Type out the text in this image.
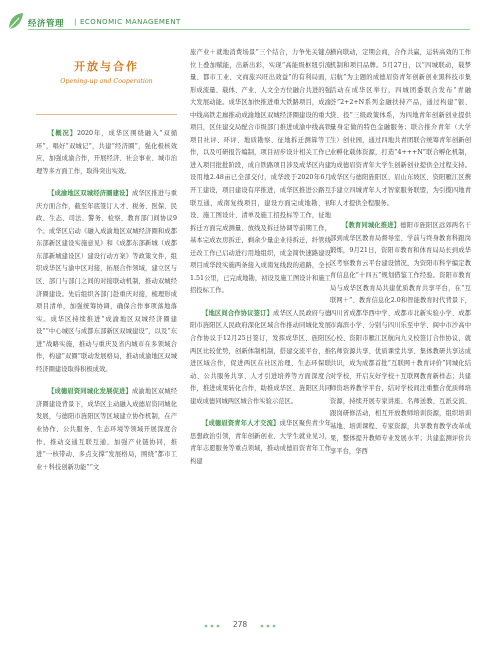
经济管理 | ECONOMIC MANAGEMENT
开放与合作
Opening-up and Cooperation

【概况】2020年，成华区围绕融入“双循环”，唱好“双城记”，共建“经济圈”，强化极核效应，加强成渝合作，开展经济、社会事业、城市治理等多方面工作，取得突出实效。

【成渝地区双城经济圈建设】成华区推进与重庆方面合作，截至年底签订人才、税务、医保、民政、生态、司法、警务、检察、教育部门间协议9个。成华区启动《融入成渝地区双城经济圈和成都东部新区建设实施意见》和《成都东部新城（成都东部新城建设区）建设行动方案》等政策文件，组织成华区与渝中区对接，拓展合作领域，建立区与区、部门与部门之间的对接联动机制，推动双城经济圈建设。先后组织各部门赴重庆对接，梳理形成项目清单，加强统筹协调，确保合作事项落地落实。成华区持续推进“成渝地区双城经济圈建设”“中心城区与成都东部新区双城建设”，以及“东进”战略实施，推动与重庆及省内城市在多领域合作，构建“双圈”联动发展格局，推动成渝地区双城经济圈建设取得积极成效。

【成德眉资同城化发展促进】成渝地区双城经济圈建设背景下，成华区主动融入成德眉资同城化发展，与德阳市旌阳区等区域建立协作机制，在产业协作、公共服务、生态环境等领域开展深度合作，推动交通互联互通，加强产业链协同，推进“一核带动、多点支撑”发展格局，围绕“都市工业＋科技创新功能”“文

旅产业＋就地消费场景”三个结合，力争先关键点位上叠加赋能，出新出彩，实现“高能级枢纽引流量、都市工业、文商旅兴旺出效益”的有利局面，形成流量、载体、产业、人文全方位融合共进的强大发展动能。成华区加快推进重大铁路项目，成渝中线高铁走廊推动成渝地区双城经济圈建设的重大项目，区住建交局配合市级部门推进成渝中线高铁项目社评、环评、地质勘察、征地拆迁测算等工作，以及可研报告编制，项目初步设计相关工作已进入项目批批阶段，成自铁路项目涉及成华区内建设用地2.48亩已全部交付，成华段于2020年6月开工建设，项目建设有序推进，成华区推进公路互联互通，成南复线项目，建设方面完成地勘、初设、施工图设计、清单及施工招投标等工作，征地拆迁方面完成测量、放线及拆迁协调等前期工作，基本完成农房拆迁，剩余少量企业待拆迁，纤管线迁改工作已启动进行用地组织，成金简快速路建设项目成华段实施两条接入成南复线段的道路，全长1.51公里，已完成地勘，初设及施工图设计和施工招投标工作。

【地区间合作协议签订】成华区人民政府与德阳市旌阳区人民政府深化区域合作推动同城化发展合作协议于12月25日签订，发挥成华区、旌阳区两区比较优势，创新体制机制，搭建交流平台，推进区域合作，促进两区在社区治理、生态环保联动、公共服务共享、人才引进培养等方面深度合作，推进成果转化合作，助推成华区、旌阳区共同建成成德同城两区城合作实验示范区。

【成德眉资青年人才交流】成华区聚焦青少年思想政治引领，青年创新创业、大学生就业见习，青年志愿服务等重点领域，推动成德眉资青年工作构建

横向联动，定期会商，合作共赢，运转高效的工作机制和项目品牌。5月27日，以“四城联动，载梦启航”为主题的成德眉资青年创新创业黑科技市集活动在成华区举行，四城团委联合发布“青融荟”2+2+N系列金融扶持产品，通过构建“银、贷、投”三级政策体系，为四地青年创新创业提供量身定做的特色金融服务；联合推介青年（大学生）创业园，通过四地共青团联合统筹青年创新创业孵化载体资源，打造“4+++N”联合孵化机制，为成德眉资青年大学生创新创业提供全过程支持。成华区与德阳旌阳区、眉山东坡区、资阳雁江区携手建立四城青年人才智家服务联盟，为引揽四地青年人才提供全程服务。

【教育同城化推进】德阳市旌阳区远郊两名干部到成华区教育局督导室、学前与终身教育科跟岗锻炼，9月21日，资阳市教育和体育局局长到成华区考察教育云平台建设情况，为资阳市科学编定教育信息化“十四五”规划借鉴工作经验。资阳市教育局与成华区教育局共建优质教育共享平台，在“互联网＋”、教育信息化2.0和智能教育时代背景下，四川省成都华西中学、成都市北新实验小学、成都市海滨小学、分别与四川乐至中学、阆中市沙高中心校、资阳市雁江区航向九义校签订合作协议，就名师资源共享、优质课堂共享、集体教研共享达成共识，成为成都首批“互联网＋教育评价”同城化结对学校，开启友好学校＋互联网教育新样态；共建师资培养教学平台，结对学校间注重整合优质师培资源，持续开展专家讲座、名师送教、互派交流、跟岗研修活动，相互开放教师培训资源，组织培训基地、培训课程、专家资源，共享教育教学改革成果，整体提升教师专业发展水平；共建监测评价共享平台，华西

278
